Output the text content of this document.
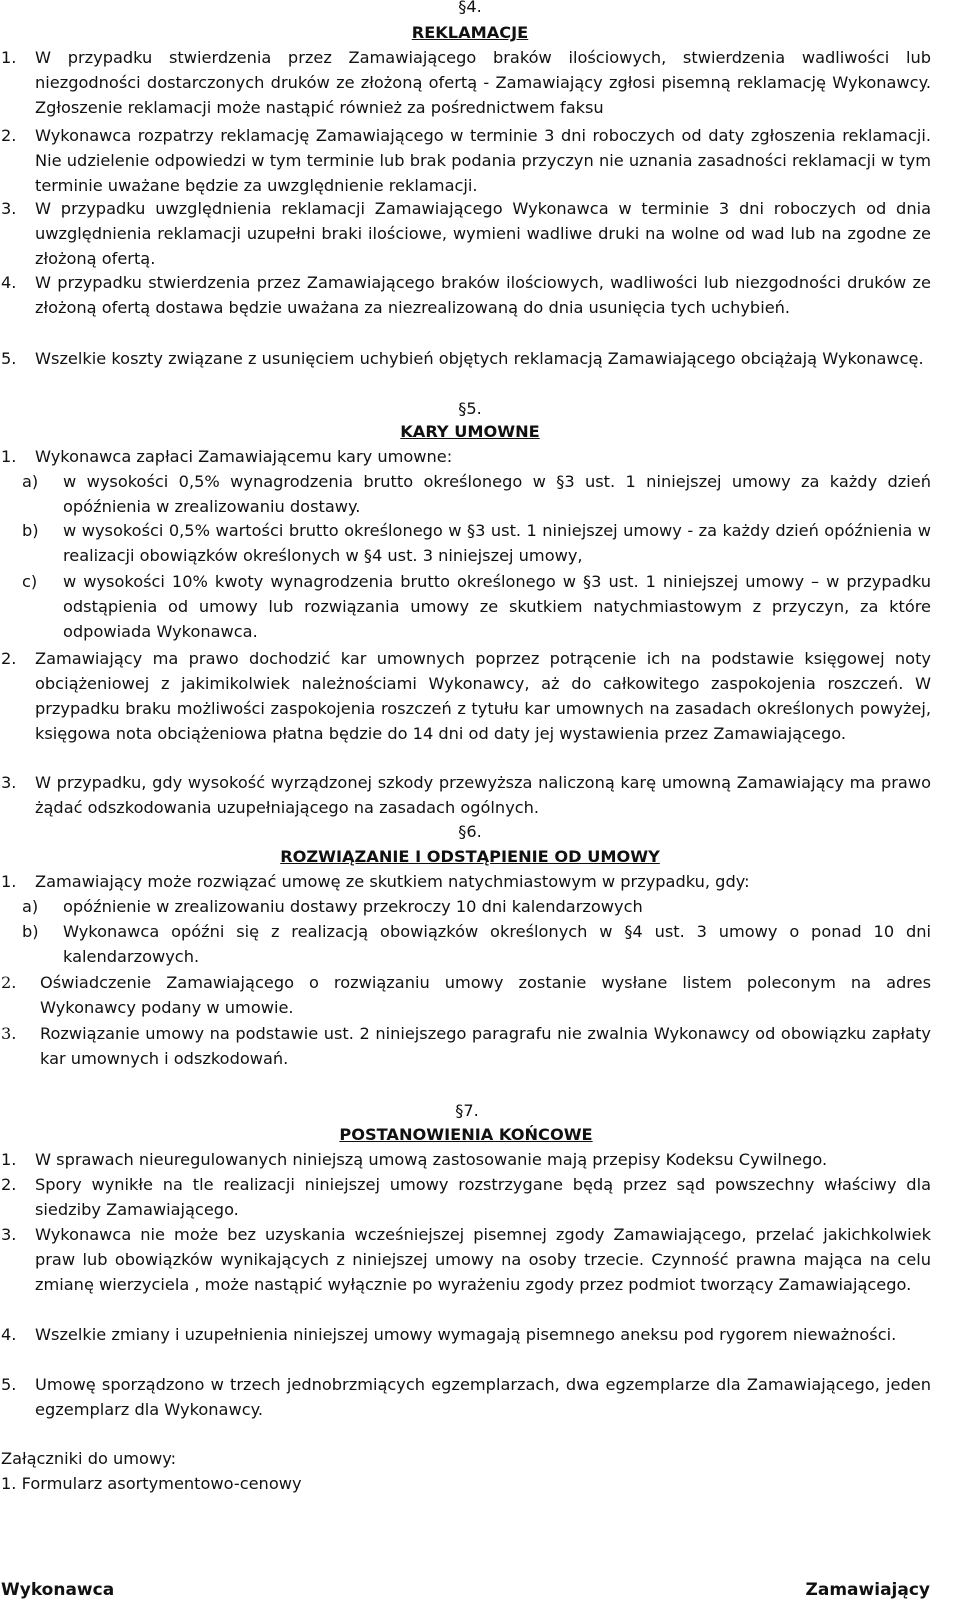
§4.
REKLAMACJE
1. W przypadku stwierdzenia przez Zamawiającego braków ilościowych, stwierdzenia wadliwości lub niezgodności dostarczonych druków ze złożoną ofertą - Zamawiający zgłosi pisemną reklamację Wykonawcy. Zgłoszenie reklamacji może nastąpić również za pośrednictwem faksu

2. Wykonawca rozpatrzy reklamację Zamawiającego w terminie 3 dni roboczych od daty zgłoszenia reklamacji. Nie udzielenie odpowiedzi w tym terminie lub brak podania przyczyn nie uznania zasadności reklamacji w tym terminie uważane będzie za uwzględnienie reklamacji.

3. W przypadku uwzględnienia reklamacji Zamawiającego Wykonawca w terminie 3 dni roboczych od dnia uwzględnienia reklamacji uzupełni braki ilościowe, wymieni wadliwe druki na wolne od wad lub na zgodne ze złożoną ofertą.

4. W przypadku stwierdzenia przez Zamawiającego braków ilościowych, wadliwości lub niezgodności druków ze złożoną ofertą dostawa będzie uważana za niezrealizowaną do dnia usunięcia tych uchybień.

5. Wszelkie koszty związane z usunięciem uchybień objętych reklamacją Zamawiającego obciążają Wykonawcę.

§5.
KARY UMOWNE
1. Wykonawca zapłaci Zamawiającemu kary umowne:

a) w wysokości 0,5% wynagrodzenia brutto określonego w §3 ust. 1 niniejszej umowy za każdy dzień opóźnienia w zrealizowaniu dostawy.

b) w wysokości 0,5% wartości brutto określonego w §3 ust. 1 niniejszej umowy - za każdy dzień opóźnienia w realizacji obowiązków określonych w §4 ust. 3 niniejszej umowy,

c) w wysokości 10% kwoty wynagrodzenia brutto określonego w §3 ust. 1 niniejszej umowy – w przypadku odstąpienia od umowy lub rozwiązania umowy ze skutkiem natychmiastowym z przyczyn, za które odpowiada Wykonawca.

2. Zamawiający ma prawo dochodzić kar umownych poprzez potrącenie ich na podstawie księgowej noty obciążeniowej z jakimikolwiek należnościami Wykonawcy, aż do całkowitego zaspokojenia roszczeń. W przypadku braku możliwości zaspokojenia roszczeń z tytułu kar umownych na zasadach określonych powyżej, księgowa nota obciążeniowa płatna będzie do 14 dni od daty jej wystawienia przez Zamawiającego.

3. W przypadku, gdy wysokość wyrządzonej szkody przewyższa naliczoną karę umowną Zamawiający ma prawo żądać odszkodowania uzupełniającego na zasadach ogólnych.

§6.
ROZWIĄZANIE I ODSTĄPIENIE OD UMOWY
1. Zamawiający może rozwiązać umowę ze skutkiem natychmiastowym w przypadku, gdy:

a) opóźnienie w zrealizowaniu dostawy przekroczy 10 dni kalendarzowych

b) Wykonawca opóźni się z realizacją obowiązków określonych w §4 ust. 3 umowy o ponad 10 dni kalendarzowych.

2. Oświadczenie Zamawiającego o rozwiązaniu umowy zostanie wysłane listem poleconym na adres Wykonawcy podany w umowie.

3. Rozwiązanie umowy na podstawie ust. 2 niniejszego paragrafu nie zwalnia Wykonawcy od obowiązku zapłaty kar umownych i odszkodowań.

§7.
POSTANOWIENIA KOŃCOWE
1. W sprawach nieuregulowanych niniejszą umową zastosowanie mają przepisy Kodeksu Cywilnego.

2. Spory wynikłe na tle realizacji niniejszej umowy rozstrzygane będą przez sąd powszechny właściwy dla siedziby Zamawiającego.

3. Wykonawca nie może bez uzyskania wcześniejszej pisemnej zgody Zamawiającego, przelać jakichkolwiek praw lub obowiązków wynikających z niniejszej umowy na osoby trzecie. Czynność prawna mająca na celu zmianę wierzyciela , może nastąpić wyłącznie po wyrażeniu zgody przez podmiot tworzący Zamawiającego.

4. Wszelkie zmiany i uzupełnienia niniejszej umowy wymagają pisemnego aneksu pod rygorem nieważności.

5. Umowę sporządzono w trzech jednobrzmiących egzemplarzach, dwa egzemplarze dla Zamawiającego, jeden egzemplarz dla Wykonawcy.

Załączniki do umowy:
1. Formularz asortymentowo-cenowy
Wykonawca	Zamawiający
